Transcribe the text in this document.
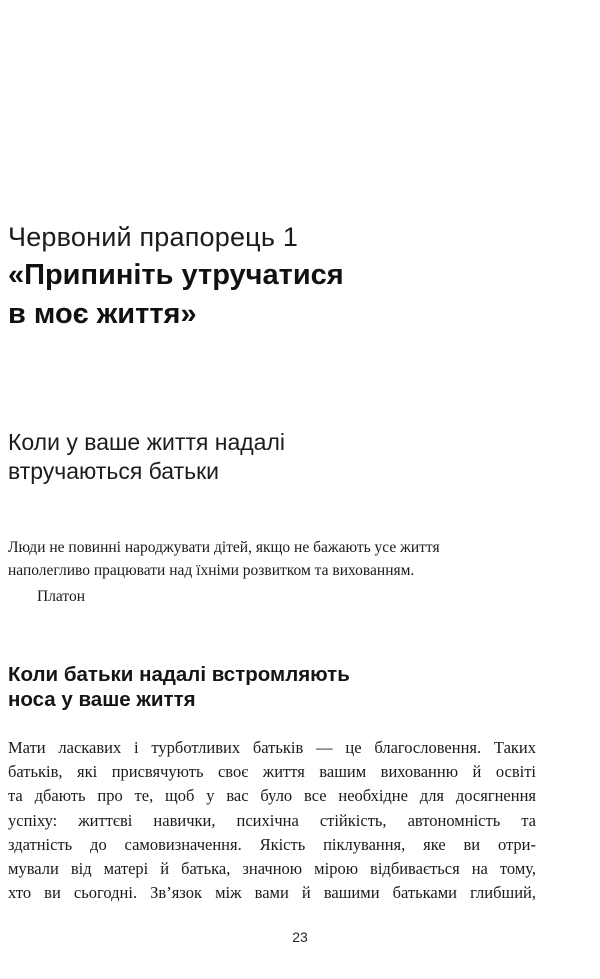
Червоний прапорець 1
«Припиніть утручатися
в моє життя»
Коли у ваше життя надалі
втручаються батьки
Люди не повинні народжувати дітей, якщо не бажають усе життя
наполегливо працювати над їхніми розвитком та вихованням.
Платон
Коли батьки надалі встромляють
носа у ваше життя
Мати ласкавих і турботливих батьків — це благословення. Таких
батьків, які присвячують своє життя вашим вихованню й освіті
та дбають про те, щоб у вас було все необхідне для досягнення
успіху: життєві навички, психічна стійкість, автономність та
здатність до самовизначення. Якість піклування, яке ви отри-
мували від матері й батька, значною мірою відбивається на тому,
хто ви сьогодні. Зв’язок між вами й вашими батьками глибший,
23
